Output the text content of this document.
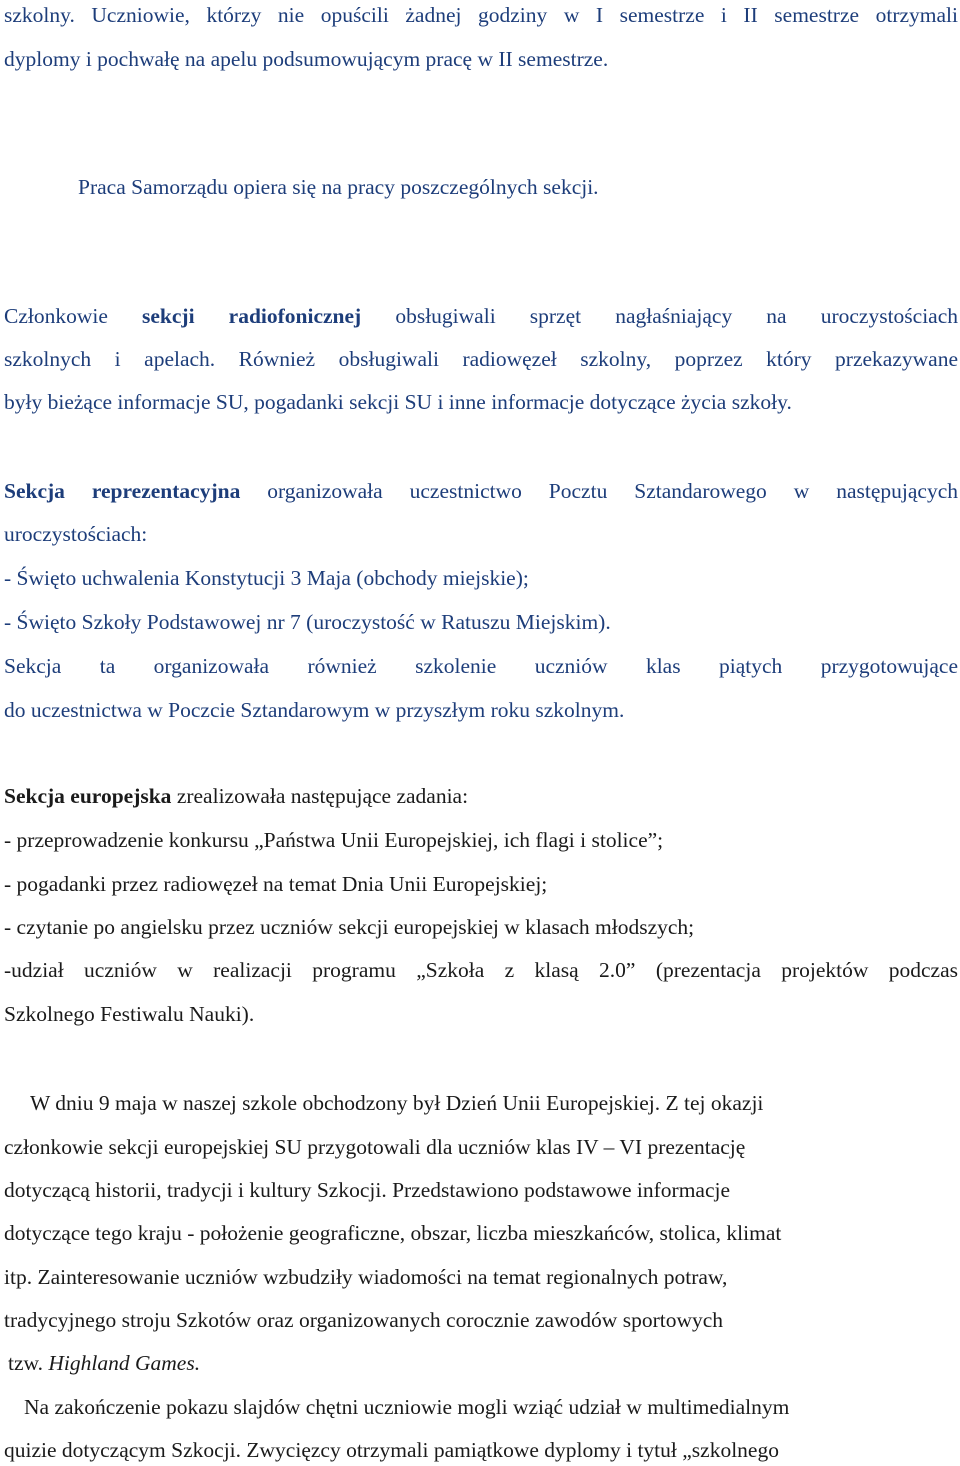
szkolny. Uczniowie, którzy nie opuścili żadnej godziny w I semestrze i II semestrze otrzymali
dyplomy i pochwałę na apelu podsumowującym pracę w II semestrze.
Praca Samorządu opiera się na pracy poszczególnych sekcji.
Członkowie sekcji radiofonicznej obsługiwali sprzęt nagłaśniający na uroczystościach
szkolnych i apelach. Również obsługiwali radiowęzeł szkolny, poprzez który przekazywane
były bieżące informacje SU, pogadanki sekcji SU i inne informacje dotyczące życia szkoły.
Sekcja reprezentacyjna organizowała uczestnictwo Pocztu Sztandarowego w następujących
uroczystościach:
- Święto uchwalenia Konstytucji 3 Maja (obchody miejskie);
- Święto Szkoły Podstawowej nr 7 (uroczystość w Ratuszu Miejskim).
Sekcja ta organizowała również szkolenie uczniów klas piątych przygotowujące
do uczestnictwa w Poczcie Sztandarowym w przyszłym roku szkolnym.
Sekcja europejska zrealizowała następujące zadania:
- przeprowadzenie konkursu „Państwa Unii Europejskiej, ich flagi i stolice”;
- pogadanki przez radiowęzeł na temat Dnia Unii Europejskiej;
- czytanie po angielsku przez uczniów sekcji europejskiej w klasach młodszych;
-udział uczniów w realizacji programu „Szkoła z klasą 2.0” (prezentacja projektów podczas
Szkolnego Festiwalu Nauki).
W dniu 9 maja w naszej szkole obchodzony był Dzień Unii Europejskiej. Z tej okazji
członkowie sekcji europejskiej SU przygotowali dla uczniów klas IV – VI prezentację
dotyczącą historii, tradycji i kultury Szkocji. Przedstawiono podstawowe informacje
dotyczące tego kraju - położenie geograficzne, obszar, liczba mieszkańców, stolica, klimat
itp. Zainteresowanie uczniów wzbudziły wiadomości na temat regionalnych potraw,
tradycyjnego stroju Szkotów oraz organizowanych corocznie zawodów sportowych
tzw. Highland Games.
Na zakończenie pokazu slajdów chętni uczniowie mogli wziąć udział w multimedialnym
quizie dotyczącym Szkocji. Zwycięzcy otrzymali pamiątkowe dyplomy i tytuł „szkolnego
